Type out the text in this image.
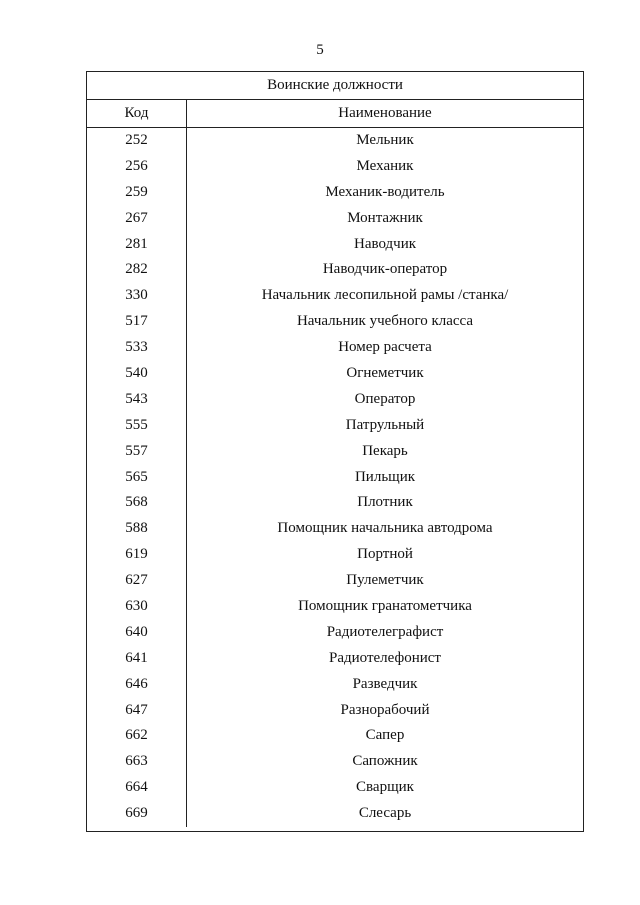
5
Воинские должности
Код	Наименование
252	Мельник
256	Механик
259	Механик-водитель
267	Монтажник
281	Наводчик
282	Наводчик-оператор
330	Начальник лесопильной рамы /станка/
517	Начальник учебного класса
533	Номер расчета
540	Огнеметчик
543	Оператор
555	Патрульный
557	Пекарь
565	Пильщик
568	Плотник
588	Помощник начальника автодрома
619	Портной
627	Пулеметчик
630	Помощник гранатометчика
640	Радиотелеграфист
641	Радиотелефонист
646	Разведчик
647	Разнорабочий
662	Сапер
663	Сапожник
664	Сварщик
669	Слесарь
